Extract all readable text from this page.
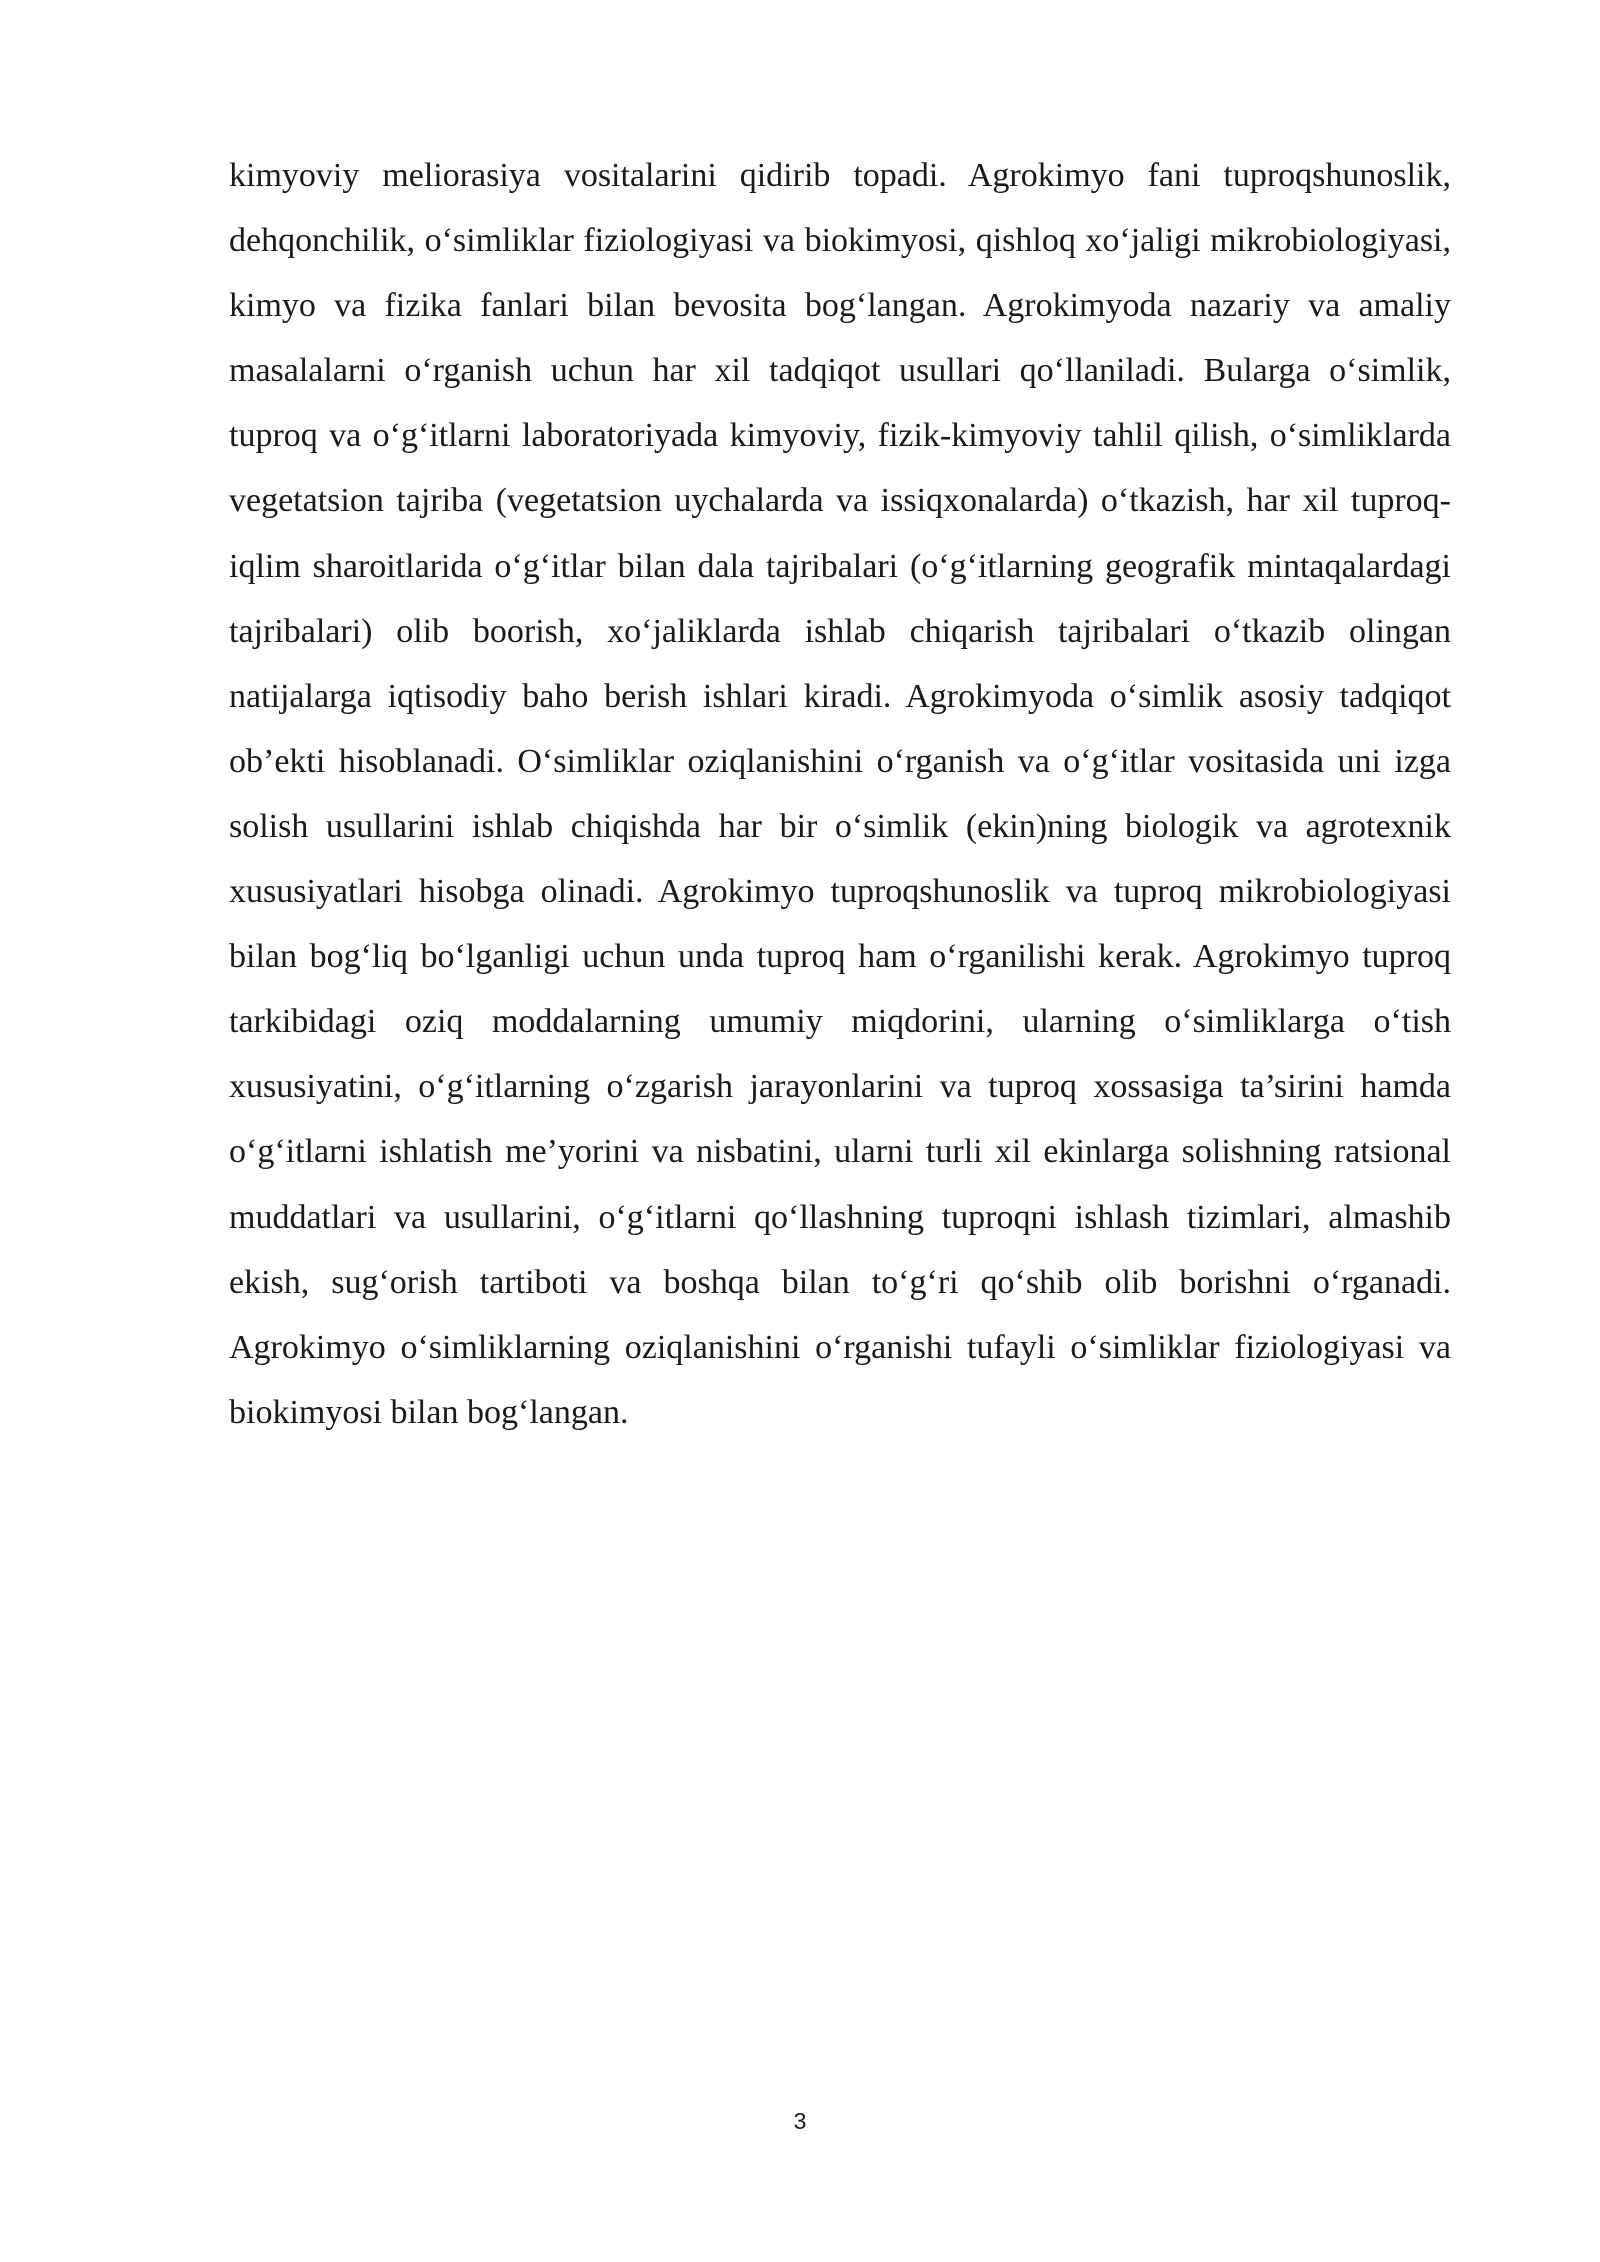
kimyoviy meliorasiya vositalarini qidirib topadi. Agrokimyo fani tuproqshunoslik, dehqonchilik, o‘simliklar fiziologiyasi va biokimyosi, qishloq xo‘jaligi mikrobiologiyasi, kimyo va fizika fanlari bilan bevosita bog‘langan. Agrokimyoda nazariy va amaliy masalalarni o‘rganish uchun har xil tadqiqot usullari qo‘llaniladi. Bularga o‘simlik, tuproq va o‘g‘itlarni laboratoriyada kimyoviy, fizik-kimyoviy tahlil qilish, o‘simliklarda vegetatsion tajriba (vegetatsion uychalarda va issiqxonalarda) o‘tkazish, har xil tuproq-iqlim sharoitlarida o‘g‘itlar bilan dala tajribalari (o‘g‘itlarning geografik mintaqalardagi tajribalari) olib boorish, xo‘jaliklarda ishlab chiqarish tajribalari o‘tkazib olingan natijalarga iqtisodiy baho berish ishlari kiradi. Agrokimyoda o‘simlik asosiy tadqiqot ob’ekti hisoblanadi. O‘simliklar oziqlanishini o‘rganish va o‘g‘itlar vositasida uni izga solish usullarini ishlab chiqishda har bir o‘simlik (ekin)ning biologik va agrotexnik xususiyatlari hisobga olinadi. Agrokimyo tuproqshunoslik va tuproq mikrobiologiyasi bilan bog‘liq bo‘lganligi uchun unda tuproq ham o‘rganilishi kerak. Agrokimyo tuproq tarkibidagi oziq moddalarning umumiy miqdorini, ularning o‘simliklarga o‘tish xususiyatini, o‘g‘itlarning o‘zgarish jarayonlarini va tuproq xossasiga ta’sirini hamda o‘g‘itlarni ishlatish me’yorini va nisbatini, ularni turli xil ekinlarga solishning ratsional muddatlari va usullarini, o‘g‘itlarni qo‘llashning tuproqni ishlash tizimlari, almashib ekish, sug‘orish tartiboti va boshqa bilan to‘g‘ri qo‘shib olib borishni o‘rganadi. Agrokimyo o‘simliklarning oziqlanishini o‘rganishi tufayli o‘simliklar fiziologiyasi va biokimyosi bilan bog‘langan.

3
